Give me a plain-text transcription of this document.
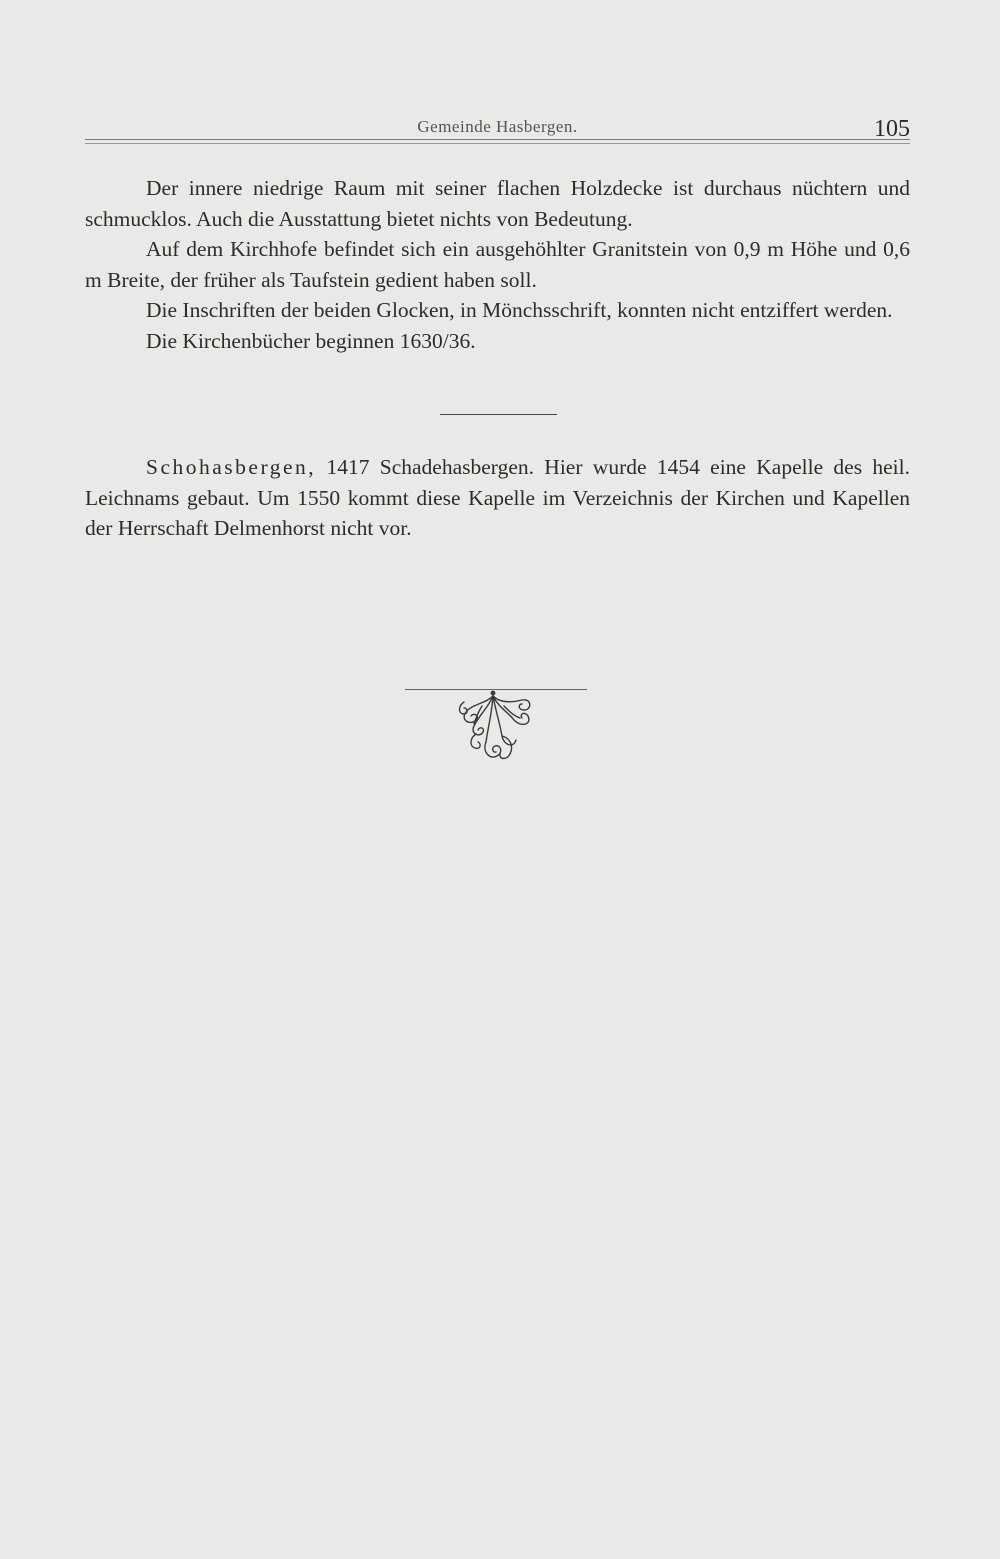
Gemeinde Hasbergen.	105

Der innere niedrige Raum mit seiner flachen Holzdecke ist durchaus nüchtern und schmucklos. Auch die Ausstattung bietet nichts von Bedeutung.

Auf dem Kirchhofe befindet sich ein ausgehöhlter Granitstein von 0,9 m Höhe und 0,6 m Breite, der früher als Taufstein gedient haben soll.

Die Inschriften der beiden Glocken, in Mönchsschrift, konnten nicht entziffert werden.

Die Kirchenbücher beginnen 1630/36.

Schohasbergen, 1417 Schadehasbergen. Hier wurde 1454 eine Kapelle des heil. Leichnams gebaut. Um 1550 kommt diese Kapelle im Verzeichnis der Kirchen und Kapellen der Herrschaft Delmenhorst nicht vor.
